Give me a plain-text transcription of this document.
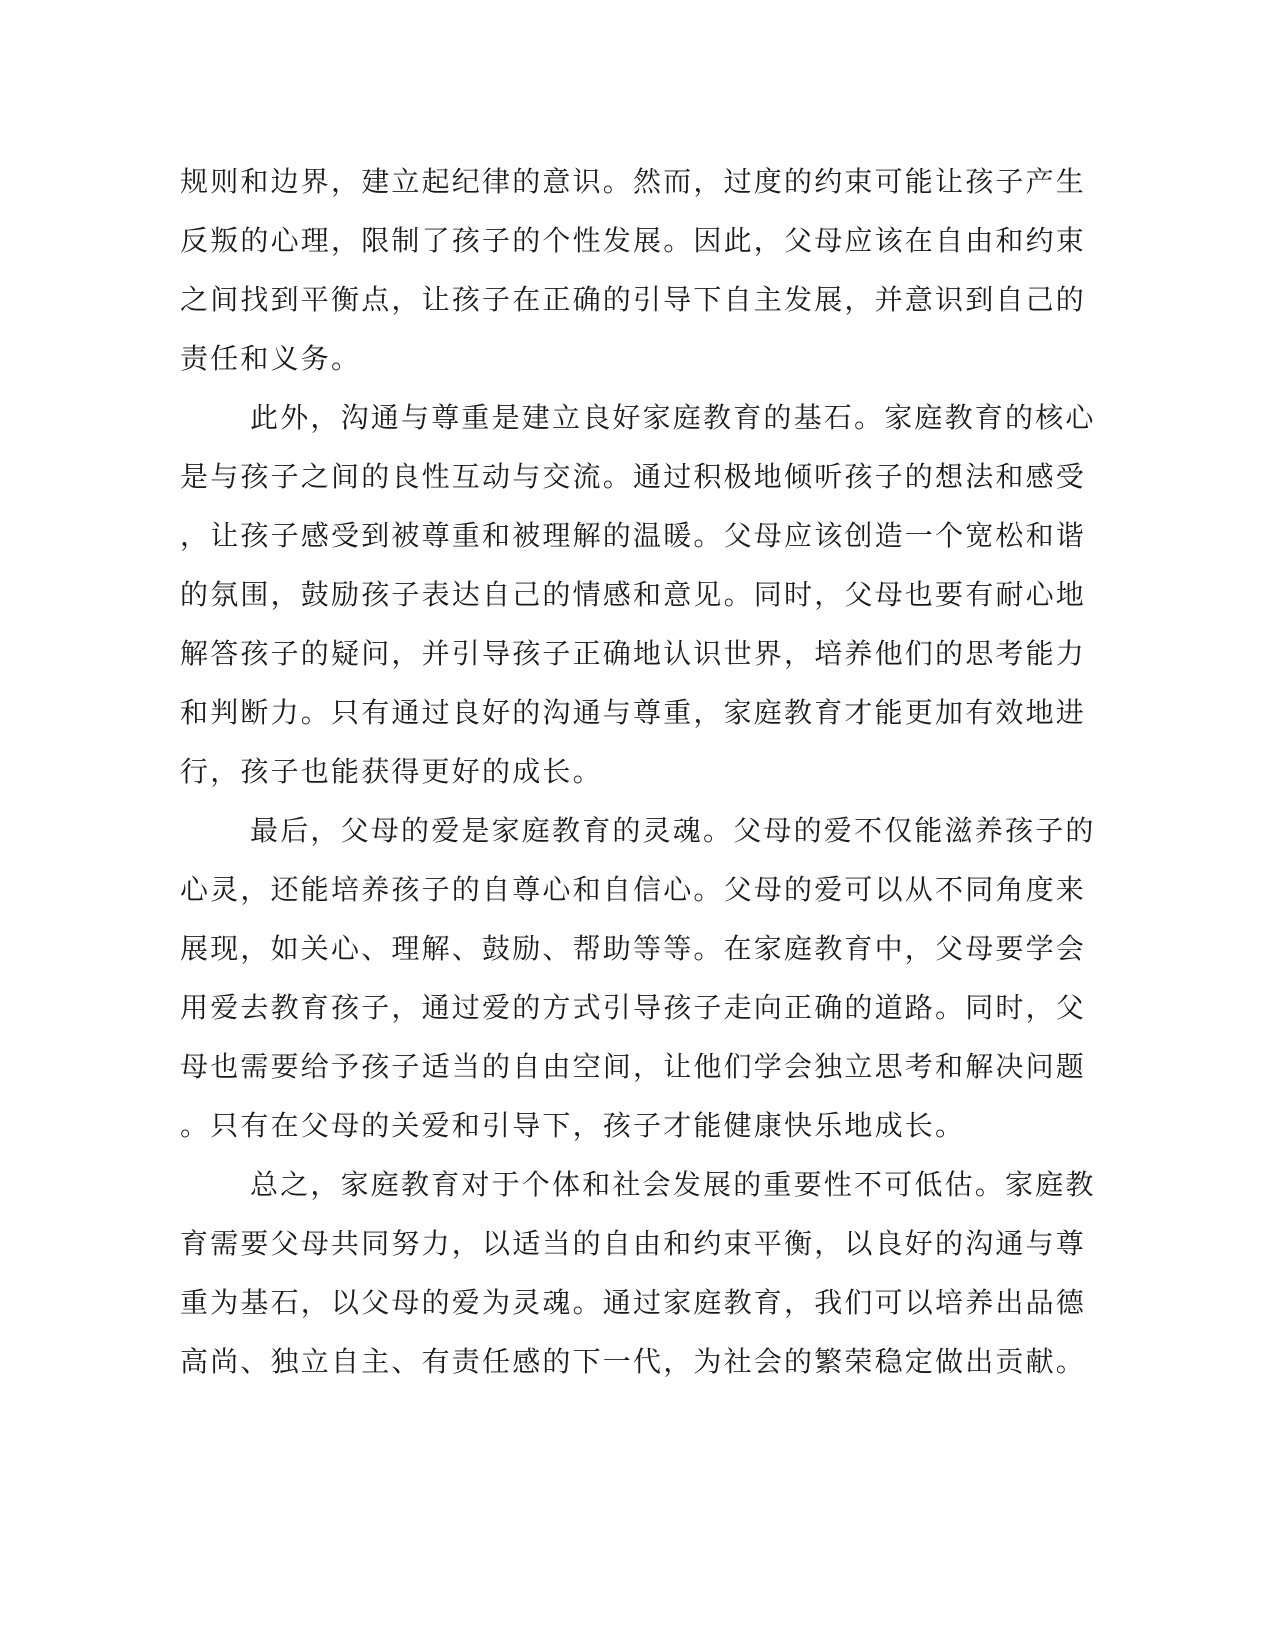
规则和边界，建立起纪律的意识。然而，过度的约束可能让孩子产生
反叛的心理，限制了孩子的个性发展。因此，父母应该在自由和约束
之间找到平衡点，让孩子在正确的引导下自主发展，并意识到自己的
责任和义务。
此外，沟通与尊重是建立良好家庭教育的基石。家庭教育的核心
是与孩子之间的良性互动与交流。通过积极地倾听孩子的想法和感受
，让孩子感受到被尊重和被理解的温暖。父母应该创造一个宽松和谐
的氛围，鼓励孩子表达自己的情感和意见。同时，父母也要有耐心地
解答孩子的疑问，并引导孩子正确地认识世界，培养他们的思考能力
和判断力。只有通过良好的沟通与尊重，家庭教育才能更加有效地进
行，孩子也能获得更好的成长。
最后，父母的爱是家庭教育的灵魂。父母的爱不仅能滋养孩子的
心灵，还能培养孩子的自尊心和自信心。父母的爱可以从不同角度来
展现，如关心、理解、鼓励、帮助等等。在家庭教育中，父母要学会
用爱去教育孩子，通过爱的方式引导孩子走向正确的道路。同时，父
母也需要给予孩子适当的自由空间，让他们学会独立思考和解决问题
。只有在父母的关爱和引导下，孩子才能健康快乐地成长。
总之，家庭教育对于个体和社会发展的重要性不可低估。家庭教
育需要父母共同努力，以适当的自由和约束平衡，以良好的沟通与尊
重为基石，以父母的爱为灵魂。通过家庭教育，我们可以培养出品德
高尚、独立自主、有责任感的下一代，为社会的繁荣稳定做出贡献。
